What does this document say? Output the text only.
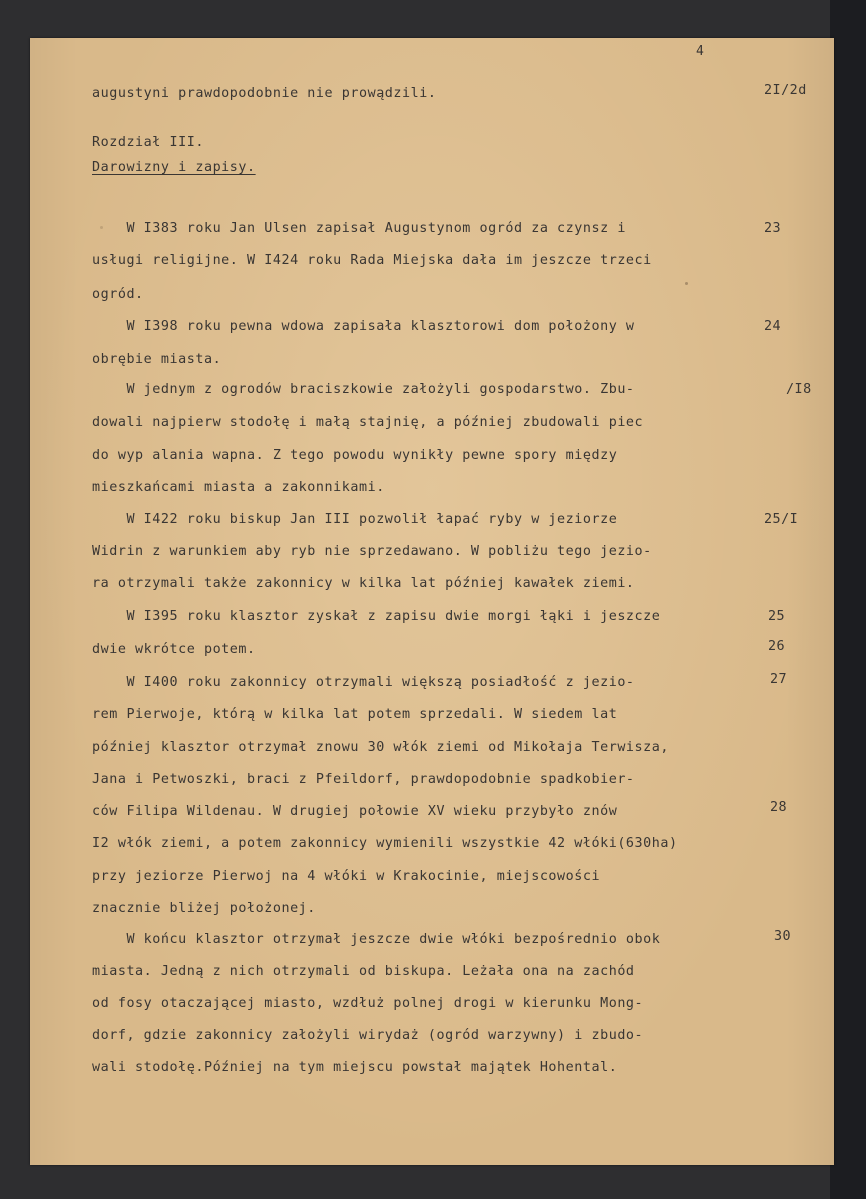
4
2I/2d
augustyni prawdopodobnie nie prowądzili.
Rozdział III.
Darowizny i zapisy.
W I383 roku Jan Ulsen zapisał Augustynom ogród za czynsz i
usługi religijne. W I424 roku Rada Miejska dała im jeszcze trzeci
ogród.
W I398 roku pewna wdowa zapisała klasztorowi dom położony w
obrębie miasta.
W jednym z ogrodów braciszkowie założyli gospodarstwo. Zbu-
dowali najpierw stodołę i małą stajnię, a później zbudowali piec
do wyp alania wapna. Z tego powodu wynikły pewne spory między
mieszkańcami miasta a zakonnikami.
W I422 roku biskup Jan III pozwolił łapać ryby w jeziorze
Widrin z warunkiem aby ryb nie sprzedawano. W pobliżu tego jezio-
ra otrzymali także zakonnicy w kilka lat później kawałek ziemi.
W I395 roku klasztor zyskał z zapisu dwie morgi łąki i jeszcze
dwie wkrótce potem.
W I400 roku zakonnicy otrzymali większą posiadłość z jezio-
rem Pierwoje, którą w kilka lat potem sprzedali. W siedem lat
później klasztor otrzymał znowu 30 włók ziemi od Mikołaja Terwisza,
Jana i Petwoszki, braci z Pfeildorf, prawdopodobnie spadkobier-
ców Filipa Wildenau. W drugiej połowie XV wieku przybyło znów
I2 włók ziemi, a potem zakonnicy wymienili wszystkie 42 włóki(630ha)
przy jeziorze Pierwoj na 4 włóki w Krakocinie, miejscowości
znacznie bliżej położonej.
W końcu klasztor otrzymał jeszcze dwie włóki bezpośrednio obok
miasta. Jedną z nich otrzymali od biskupa. Leżała ona na zachód
od fosy otaczającej miasto, wzdłuż polnej drogi w kierunku Mong-
dorf, gdzie zakonnicy założyli wirydaż (ogród warzywny) i zbudo-
wali stodołę.Później na tym miejscu powstał majątek Hohental.
23
24
/I8
25/I
25
26
27
28
30
